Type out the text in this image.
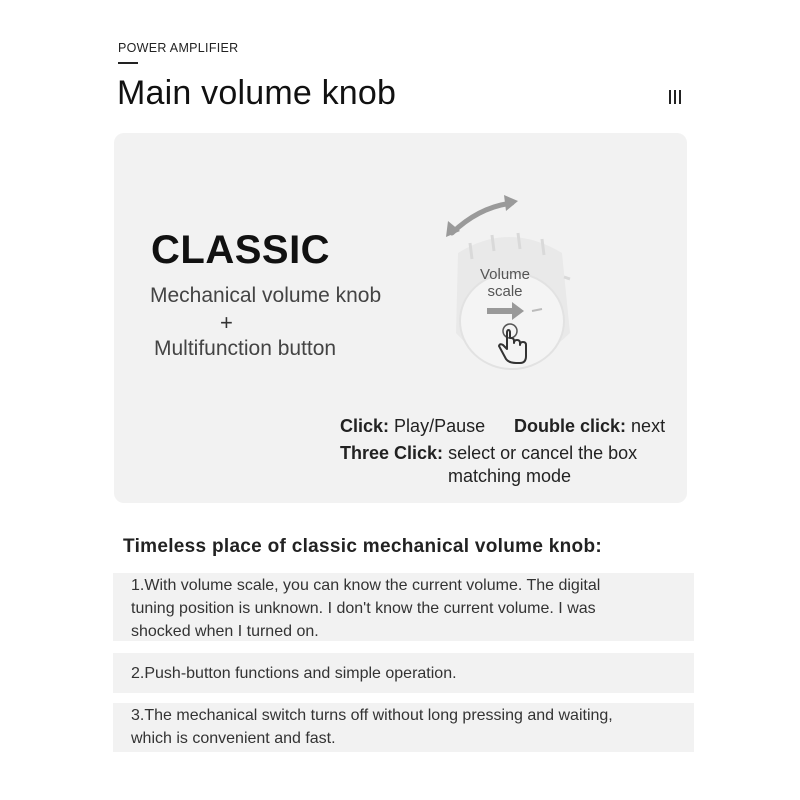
POWER AMPLIFIER
Main volume knob
CLASSIC
Mechanical volume knob
+
Multifunction button
Volume
scale
Click: Play/Pause Double click: next
Three Click: select or cancel the box
matching mode
Timeless place of classic mechanical volume knob:
1.With volume scale, you can know the current volume. The digital
tuning position is unknown. I don't know the current volume. I was
shocked when I turned on.
2.Push-button functions and simple operation.
3.The mechanical switch turns off without long pressing and waiting,
which is convenient and fast.
